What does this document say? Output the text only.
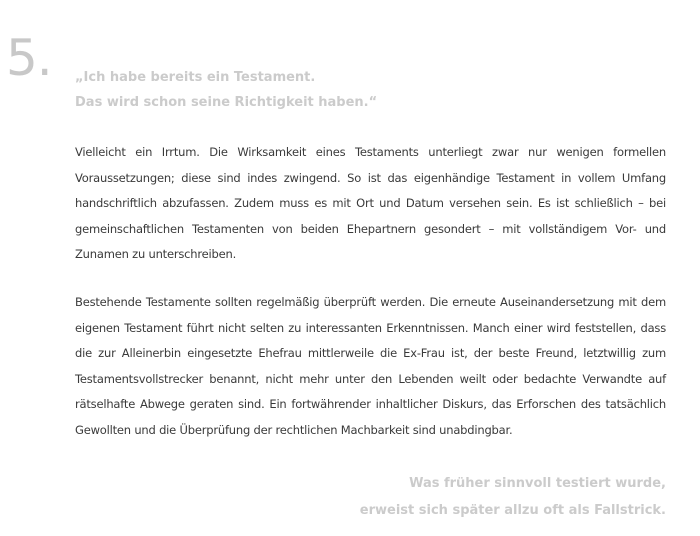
5. „Ich habe bereits ein Testament.
Das wird schon seine Richtigkeit haben.“

Vielleicht ein Irrtum. Die Wirksamkeit eines Testaments unterliegt zwar nur wenigen formellen Voraussetzungen; diese sind indes zwingend. So ist das eigenhändige Testament in vollem Umfang handschriftlich abzufassen. Zudem muss es mit Ort und Datum versehen sein. Es ist schließlich – bei gemeinschaftlichen Testamenten von beiden Ehepartnern gesondert – mit vollständigem Vor- und Zunamen zu unterschreiben.

Bestehende Testamente sollten regelmäßig überprüft werden. Die erneute Auseinandersetzung mit dem eigenen Testament führt nicht selten zu interessanten Erkenntnissen. Manch einer wird feststellen, dass die zur Alleinerbin eingesetzte Ehefrau mittlerweile die Ex-Frau ist, der beste Freund, letztwillig zum Testamentsvollstrecker benannt, nicht mehr unter den Lebenden weilt oder bedachte Verwandte auf rätselhafte Abwege geraten sind. Ein fortwährender inhaltlicher Diskurs, das Erforschen des tatsächlich Gewollten und die Überprüfung der rechtlichen Machbarkeit sind unabdingbar.

Was früher sinnvoll testiert wurde,
erweist sich später allzu oft als Fallstrick.
